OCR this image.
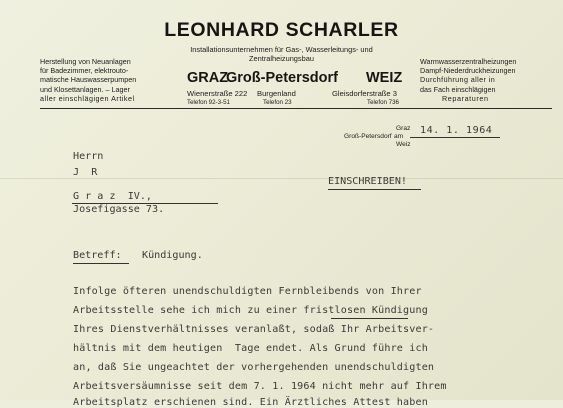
LEONHARD SCHARLER
Installationsunternehmen für Gas-, Wasserleitungs- und
Zentralheizungsbau
Herstellung von Neuanlagen
für Badezimmer, elektrouto-
matische Hauswasserpumpen
und Klosettanlagen. – Lager
aller einschlägigen Artikel
Warmwasserzentralheizungen
Dampf-Niederdruckheizungen
Durchführung aller in
das Fach einschlägigen
Reparaturen
GRAZ
Groß-Petersdorf WEIZ
Wienerstraße 222 Burgenland	Gleisdorferstraße 3
Telefon 92-3-51	Telefon 23	Telefon 736
Graz
Groß-Petersdorf am
Weiz
14. 1. 1964
Herrn
J  R
G r a z  IV.,
Josefigasse 73.
EINSCHREIBEN!
Betreff: Kündigung.
Infolge öfteren unendschuldigten Fernbleibends von Ihrer
Arbeitsstelle sehe ich mich zu einer fristlosen Kündigung
Ihres Dienstverhältnisses veranlaßt, sodaß Ihr Arbeitsver-
hältnis mit dem heutigen  Tage endet. Als Grund führe ich
an, daß Sie ungeachtet der vorhergehenden unendschuldigten
Arbeitsversäumnisse seit dem 7. 1. 1964 nicht mehr auf Ihrem
Arbeitsplatz erschienen sind. Ein Ärztliches Attest haben
